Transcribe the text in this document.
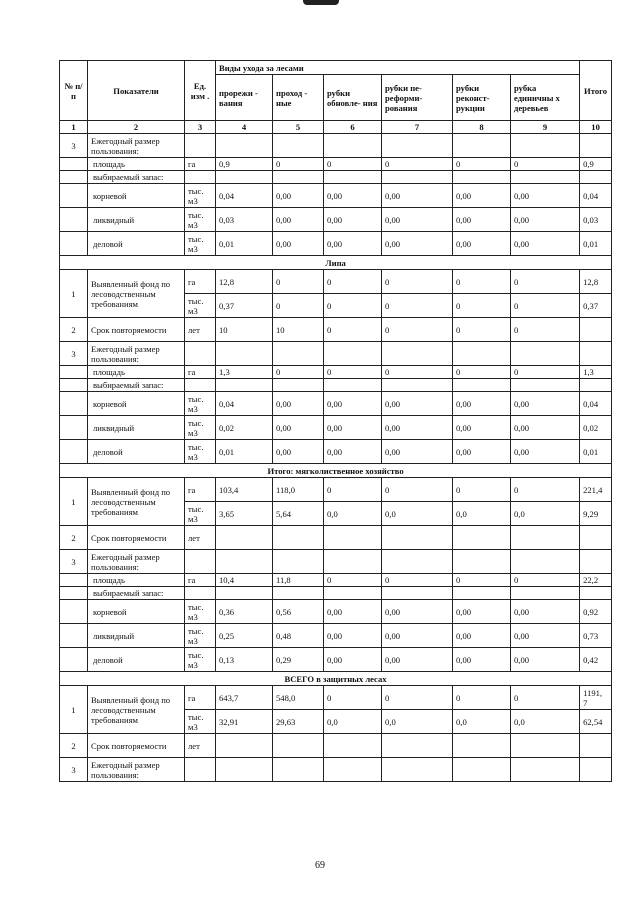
№ п/п	Показатели	Ед. изм .	Виды ухода за лесами						Итого
			прорежи - вания	проход - ные	рубки обновле- ния	рубки пе- реформи- рования	рубки реконст- рукции	рубка единичны х деревьев	
1	2	3	4	5	6	7	8	9	10
3	Ежегодный размер пользования:								
	площадь	га	0,9	0	0	0	0	0	0,9
	выбираемый запас:								
	корневой	тыс. м3	0,04	0,00	0,00	0,00	0,00	0,00	0,04
	ликвидный	тыс. м3	0,03	0,00	0,00	0,00	0,00	0,00	0,03
	деловой	тыс. м3	0,01	0,00	0,00	0,00	0,00	0,00	0,01
Липа									
1	Выявленный фонд по лесоводственным требованиям	га	12,8	0	0	0	0	0	12,8
		тыс. м3	0,37	0	0	0	0	0	0,37
2	Срок повторяемости	лет	10	10	0	0	0	0	
3	Ежегодный размер пользования:								
	площадь	га	1,3	0	0	0	0	0	1,3
	выбираемый запас:								
	корневой	тыс. м3	0,04	0,00	0,00	0,00	0,00	0,00	0,04
	ликвидный	тыс. м3	0,02	0,00	0,00	0,00	0,00	0,00	0,02
	деловой	тыс. м3	0,01	0,00	0,00	0,00	0,00	0,00	0,01
Итого: мягколиственное хозяйство									
1	Выявленный фонд по лесоводственным требованиям	га	103,4	118,0	0	0	0	0	221,4
		тыс. м3	3,65	5,64	0,0	0,0	0,0	0,0	9,29
2	Срок повторяемости	лет							
3	Ежегодный размер пользования:								
	площадь	га	10,4	11,8	0	0	0	0	22,2
	выбираемый запас:								
	корневой	тыс. м3	0,36	0,56	0,00	0,00	0,00	0,00	0,92
	ликвидный	тыс. м3	0,25	0,48	0,00	0,00	0,00	0,00	0,73
	деловой	тыс. м3	0,13	0,29	0,00	0,00	0,00	0,00	0,42
ВСЕГО в защитных лесах									
1	Выявленный фонд по лесоводственным требованиям	га	643,7	548,0	0	0	0	0	1191, 7
		тыс. м3	32,91	29,63	0,0	0,0	0,0	0,0	62,54
2	Срок повторяемости	лет							
3	Ежегодный размер пользования:								
69
